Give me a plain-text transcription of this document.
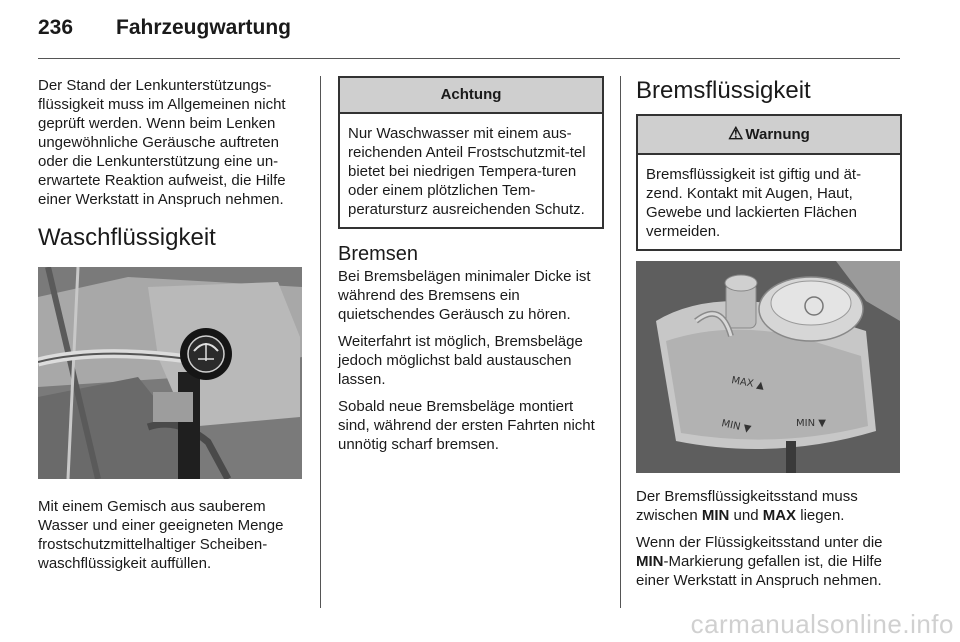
236 Fahrzeugwartung

Der Stand der Lenkunterstützungs-flüssigkeit muss im Allgemeinen nicht geprüft werden. Wenn beim Lenken ungewöhnliche Geräusche auftreten oder die Lenkunterstützung eine un-erwartete Reaktion aufweist, die Hilfe einer Werkstatt in Anspruch nehmen.

Waschflüssigkeit

Mit einem Gemisch aus sauberem Wasser und einer geeigneten Menge frostschutzmittelhaltiger Scheiben-waschflüssigkeit auffüllen.

Achtung
Nur Waschwasser mit einem aus-reichenden Anteil Frostschutzmit-tel bietet bei niedrigen Tempera-turen oder einem plötzlichen Tem-peratursturz ausreichenden Schutz.
Bremsen

Bei Bremsbelägen minimaler Dicke ist während des Bremsens ein quietschendes Geräusch zu hören.

Weiterfahrt ist möglich, Bremsbeläge jedoch möglichst bald austauschen lassen.

Sobald neue Bremsbeläge montiert sind, während der ersten Fahrten nicht unnötig scharf bremsen.

Bremsflüssigkeit
⚠ Warnung
Bremsflüssigkeit ist giftig und ät-zend. Kontakt mit Augen, Haut, Gewebe und lackierten Flächen vermeiden.
MAX ▲
MIN ▼	MIN ▼

Der Bremsflüssigkeitsstand muss zwischen MIN und MAX liegen.

Wenn der Flüssigkeitsstand unter die MIN-Markierung gefallen ist, die Hilfe einer Werkstatt in Anspruch nehmen.

carmanualsonline.info
